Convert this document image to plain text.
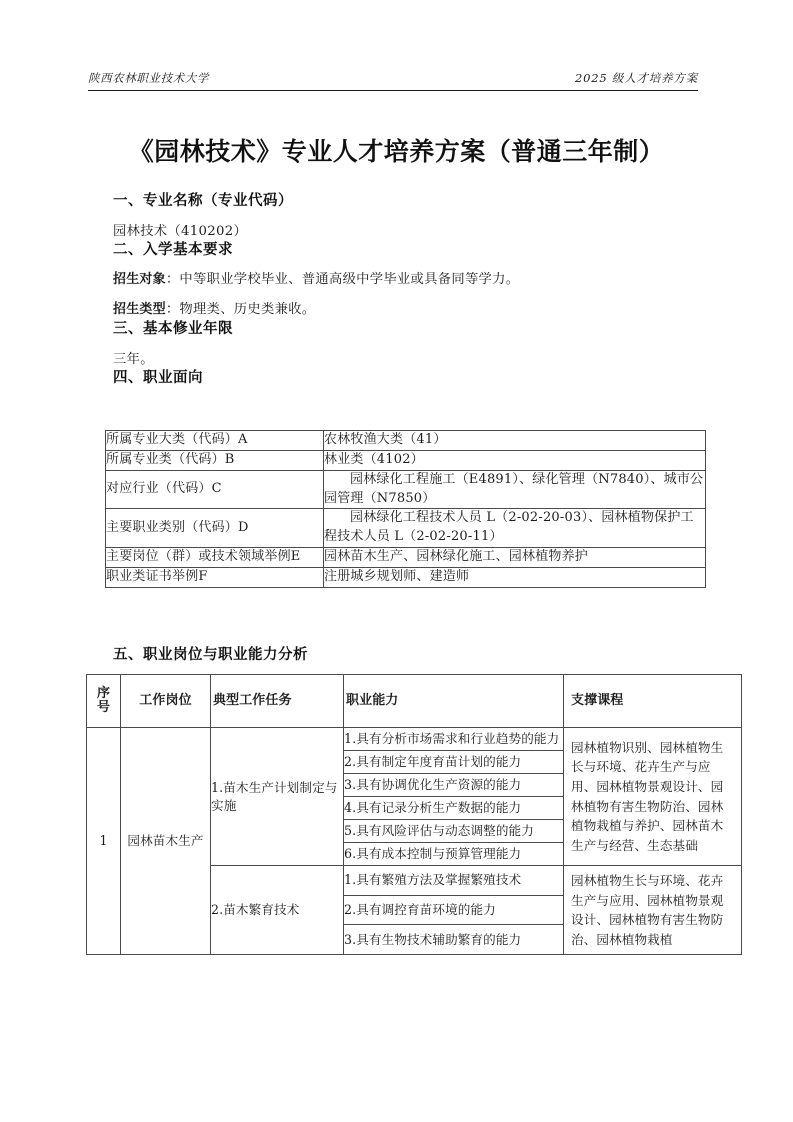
陕西农林职业技术大学	2025 级人才培养方案
《园林技术》专业人才培养方案（普通三年制）
一、专业名称（专业代码）

园林技术（410202）

二、入学基本要求

招生对象：中等职业学校毕业、普通高级中学毕业或具备同等学力。

招生类型：物理类、历史类兼收。

三、基本修业年限

三年。

四、职业面向
所属专业大类（代码）A	农林牧渔大类（41）
所属专业类（代码）B	林业类（4102）
对应行业（代码）C	园林绿化工程施工（E4891）、绿化管理（N7840）、城市公园管理（N7850）
主要职业类别（代码）D	园林绿化工程技术人员 L（2-02-20-03）、园林植物保护工程技术人员 L（2-02-20-11）
主要岗位（群）或技术领域举例E	园林苗木生产、园林绿化施工、园林植物养护
职业类证书举例F	注册城乡规划师、建造师
五、职业岗位与职业能力分析
序
号	工作岗位	典型工作任务	职业能力	支撑课程
1	园林苗木生产	1.苗木生产计划制定与实施	1.具有分析市场需求和行业趋势的能力	园林植物识别、园林植物生长与环境、花卉生产与应用、园林植物景观设计、园林植物有害生物防治、园林植物栽植与养护、园林苗木生产与经营、生态基础
			2.具有制定年度育苗计划的能力	
			3.具有协调优化生产资源的能力	
			4.具有记录分析生产数据的能力	
			5.具有风险评估与动态调整的能力	
			6.具有成本控制与预算管理能力	
		2.苗木繁育技术	1.具有繁殖方法及掌握繁殖技术	园林植物生长与环境、花卉生产与应用、园林植物景观设计、园林植物有害生物防治、园林植物栽植
			2.具有调控育苗环境的能力	
			3.具有生物技术辅助繁育的能力	
